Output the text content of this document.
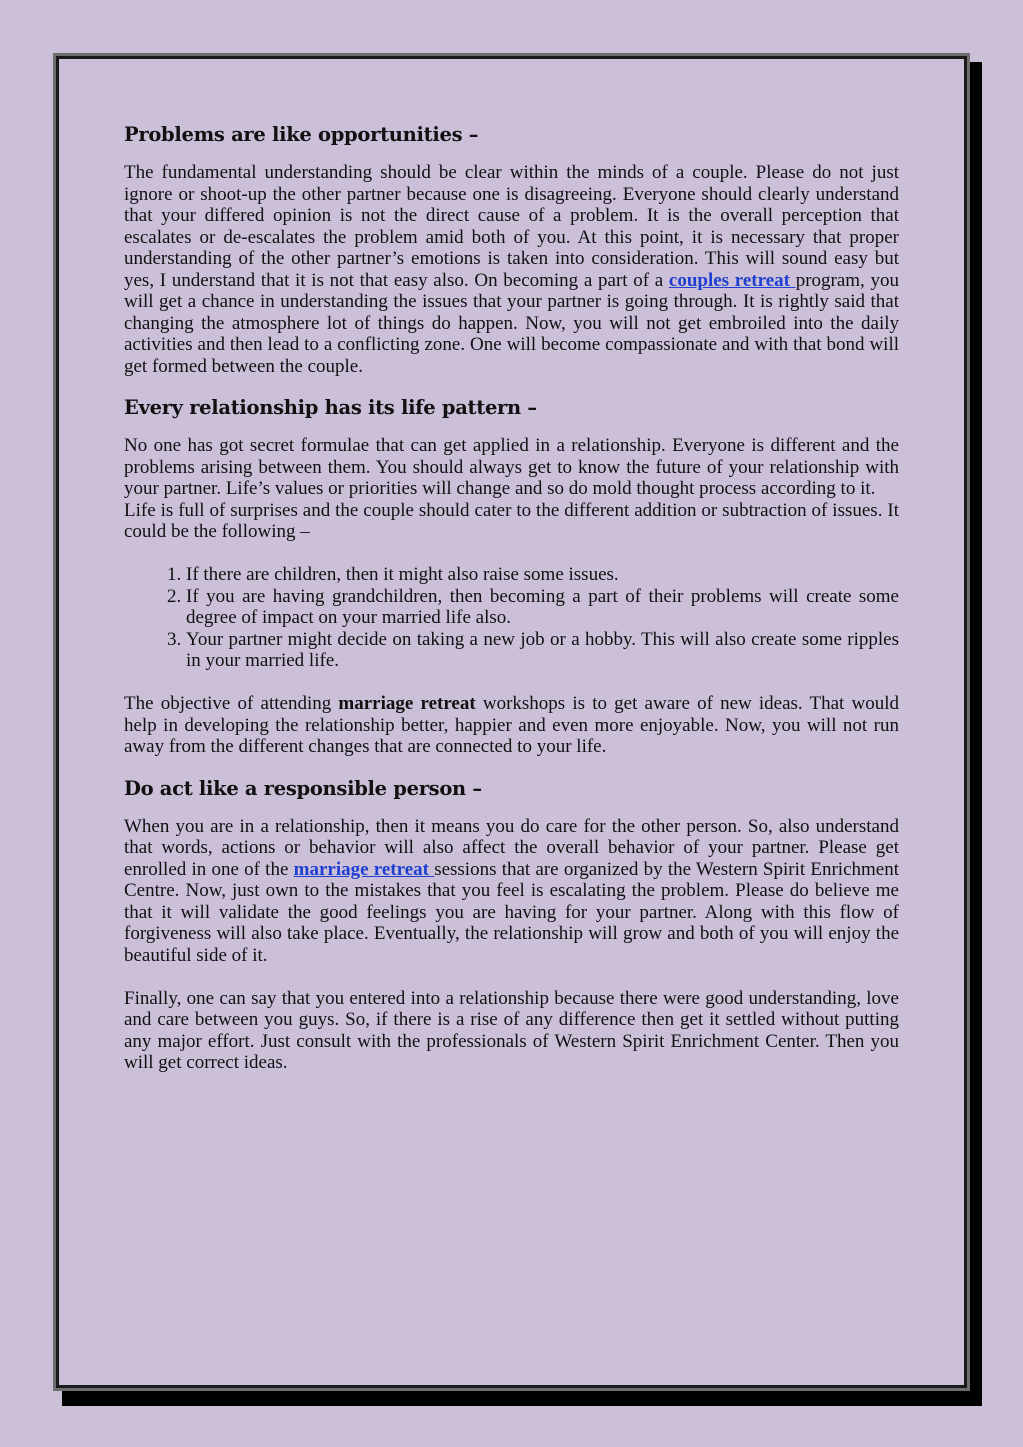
Problems are like opportunities –

The fundamental understanding should be clear within the minds of a couple. Please do not just ignore or shoot-up the other partner because one is disagreeing. Everyone should clearly understand that your differed opinion is not the direct cause of a problem. It is the overall perception that escalates or de-escalates the problem amid both of you. At this point, it is necessary that proper understanding of the other partner’s emotions is taken into consideration. This will sound easy but yes, I understand that it is not that easy also. On becoming a part of a couples retreat program, you will get a chance in understanding the issues that your partner is going through. It is rightly said that changing the atmosphere lot of things do happen. Now, you will not get embroiled into the daily activities and then lead to a conflicting zone. One will become compassionate and with that bond will get formed between the couple.

Every relationship has its life pattern –

No one has got secret formulae that can get applied in a relationship. Everyone is different and the problems arising between them. You should always get to know the future of your relationship with your partner. Life’s values or priorities will change and so do mold thought process according to it.

Life is full of surprises and the couple should cater to the different addition or subtraction of issues. It could be the following –

1. If there are children, then it might also raise some issues.
2. If you are having grandchildren, then becoming a part of their problems will create some degree of impact on your married life also.
3. Your partner might decide on taking a new job or a hobby. This will also create some ripples in your married life.

The objective of attending marriage retreat workshops is to get aware of new ideas. That would help in developing the relationship better, happier and even more enjoyable. Now, you will not run away from the different changes that are connected to your life.

Do act like a responsible person –

When you are in a relationship, then it means you do care for the other person. So, also understand that words, actions or behavior will also affect the overall behavior of your partner. Please get enrolled in one of the marriage retreat sessions that are organized by the Western Spirit Enrichment Centre. Now, just own to the mistakes that you feel is escalating the problem. Please do believe me that it will validate the good feelings you are having for your partner. Along with this flow of forgiveness will also take place. Eventually, the relationship will grow and both of you will enjoy the beautiful side of it.

Finally, one can say that you entered into a relationship because there were good understanding, love and care between you guys. So, if there is a rise of any difference then get it settled without putting any major effort. Just consult with the professionals of Western Spirit Enrichment Center. Then you will get correct ideas.
